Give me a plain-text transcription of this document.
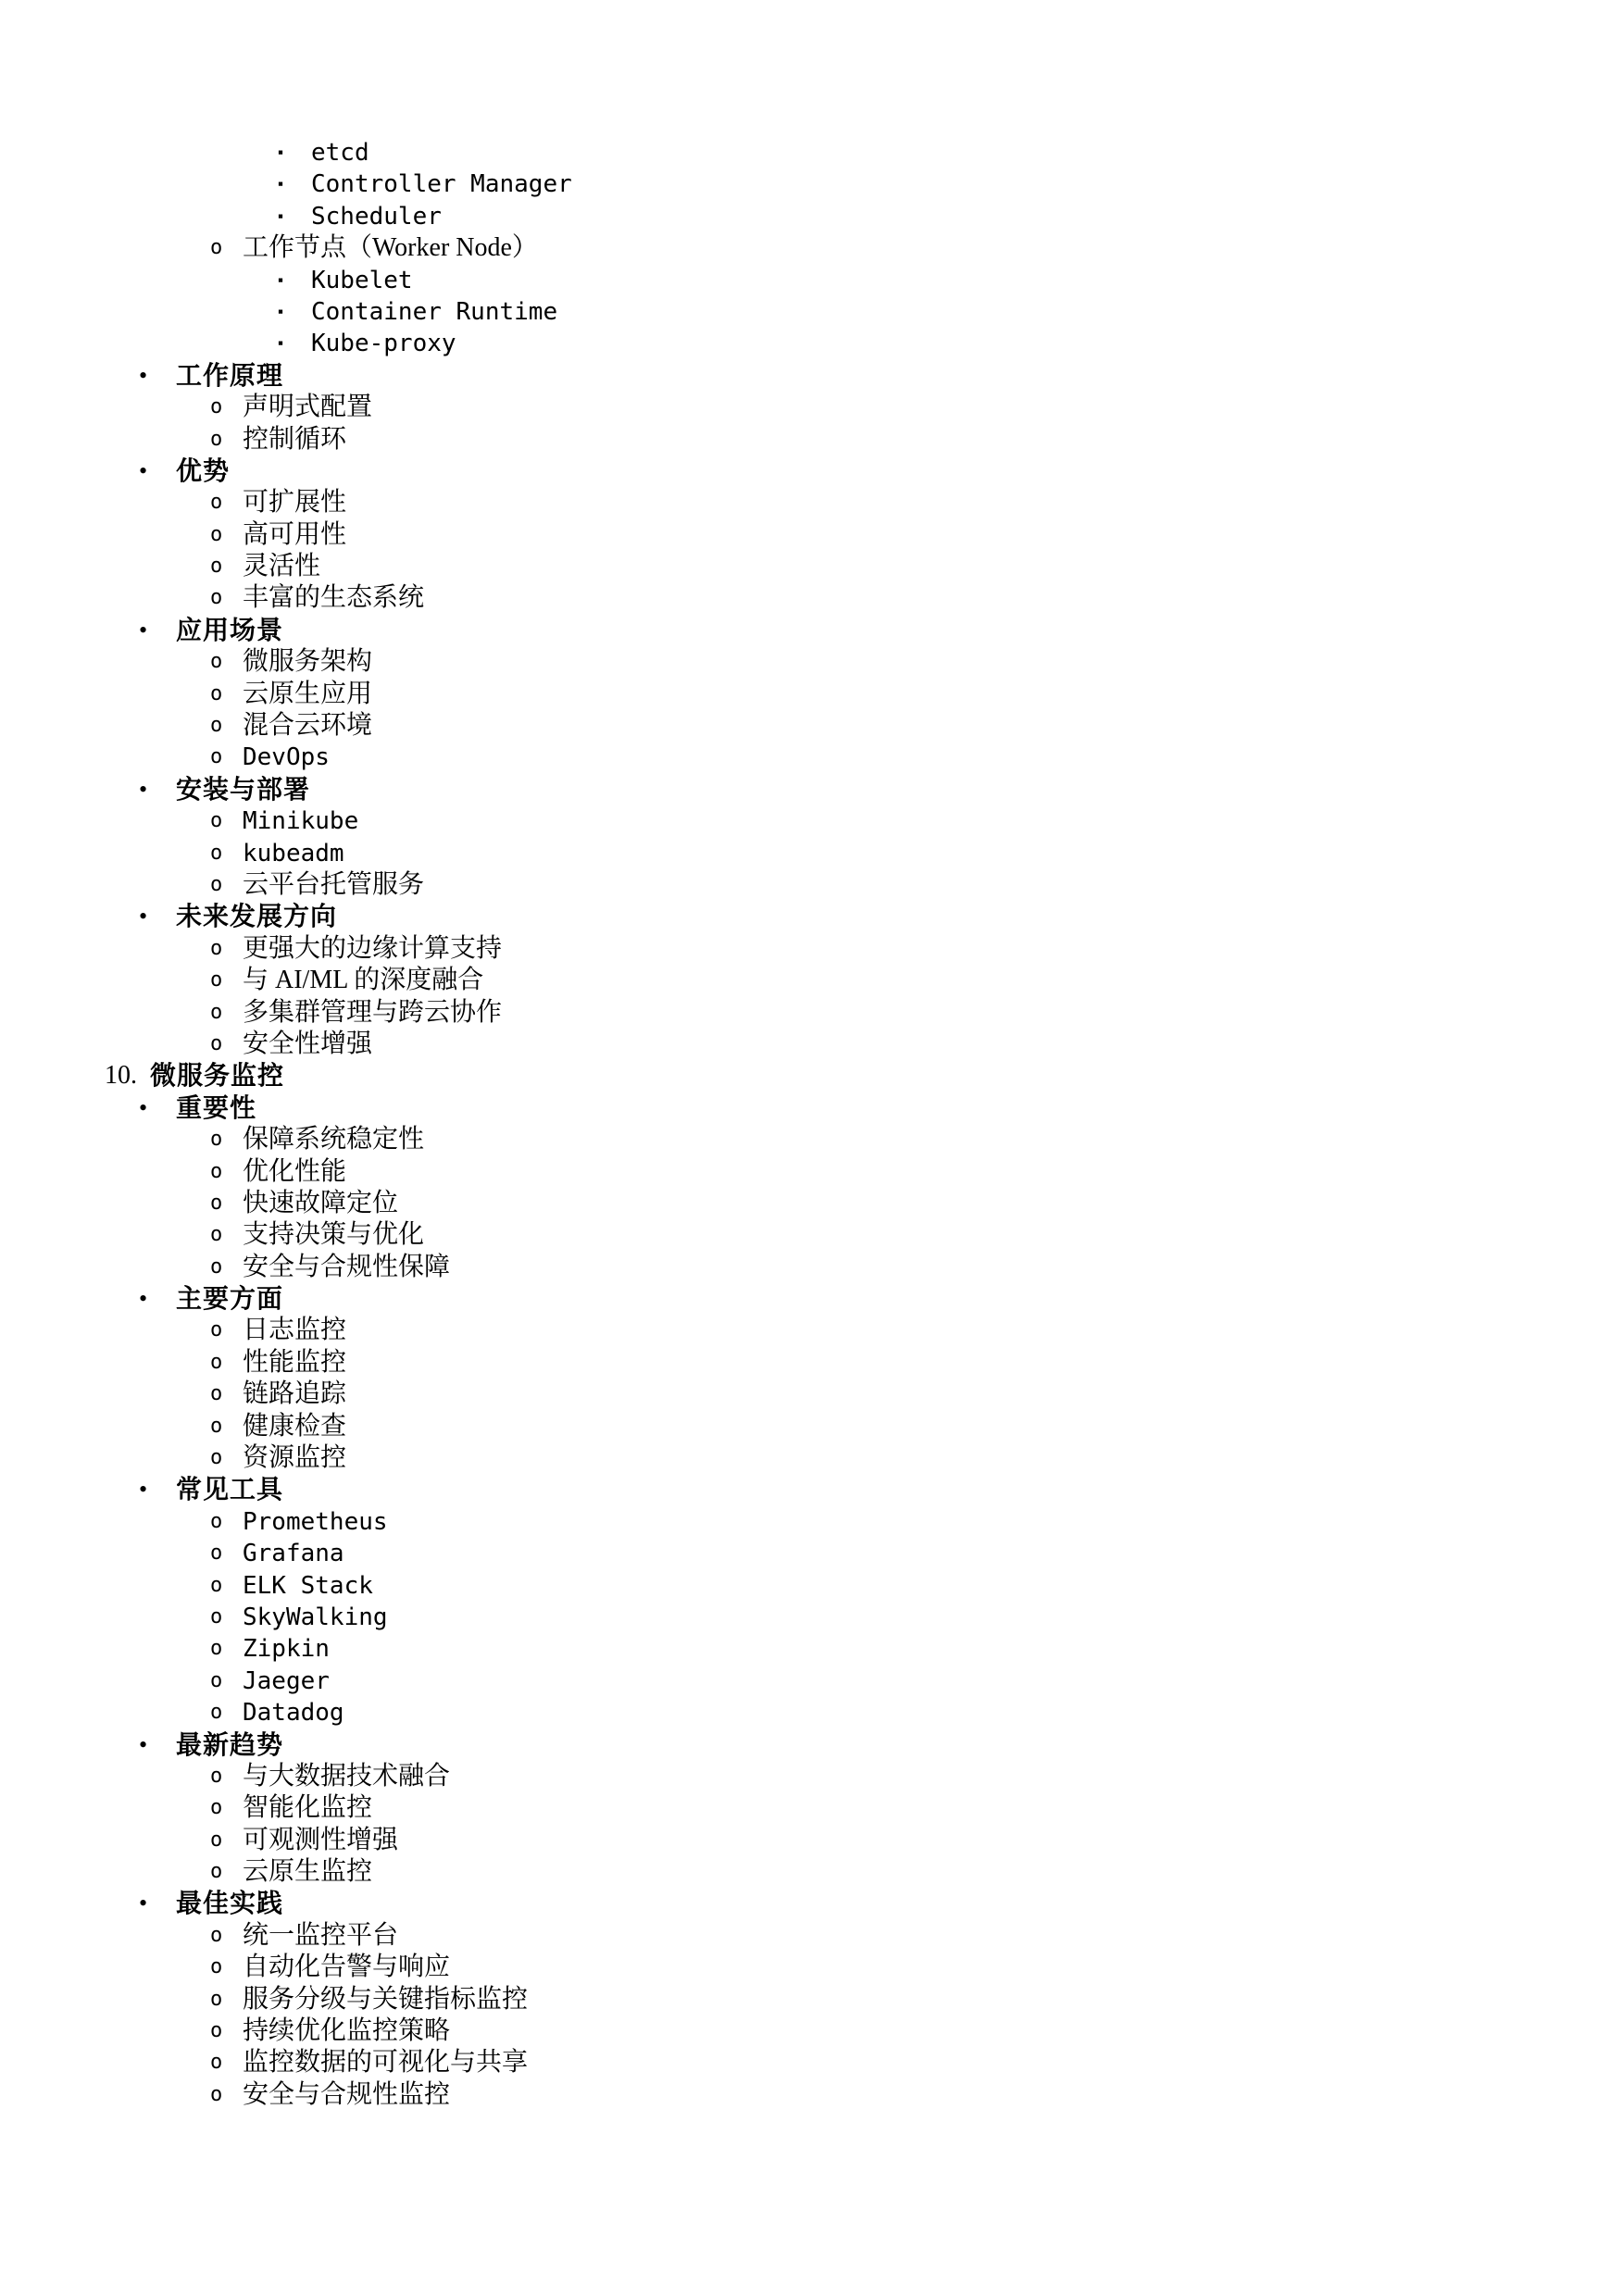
▪ etcd
▪ Controller Manager
▪ Scheduler
o 工作节点（Worker Node）
▪ Kubelet
▪ Container Runtime
▪ Kube-proxy
• 工作原理
o 声明式配置
o 控制循环
• 优势
o 可扩展性
o 高可用性
o 灵活性
o 丰富的生态系统
• 应用场景
o 微服务架构
o 云原生应用
o 混合云环境
o DevOps
• 安装与部署
o Minikube
o kubeadm
o 云平台托管服务
• 未来发展方向
o 更强大的边缘计算支持
o 与 AI/ML 的深度融合
o 多集群管理与跨云协作
o 安全性增强
10. 微服务监控
• 重要性
o 保障系统稳定性
o 优化性能
o 快速故障定位
o 支持决策与优化
o 安全与合规性保障
• 主要方面
o 日志监控
o 性能监控
o 链路追踪
o 健康检查
o 资源监控
• 常见工具
o Prometheus
o Grafana
o ELK Stack
o SkyWalking
o Zipkin
o Jaeger
o Datadog
• 最新趋势
o 与大数据技术融合
o 智能化监控
o 可观测性增强
o 云原生监控
• 最佳实践
o 统一监控平台
o 自动化告警与响应
o 服务分级与关键指标监控
o 持续优化监控策略
o 监控数据的可视化与共享
o 安全与合规性监控
